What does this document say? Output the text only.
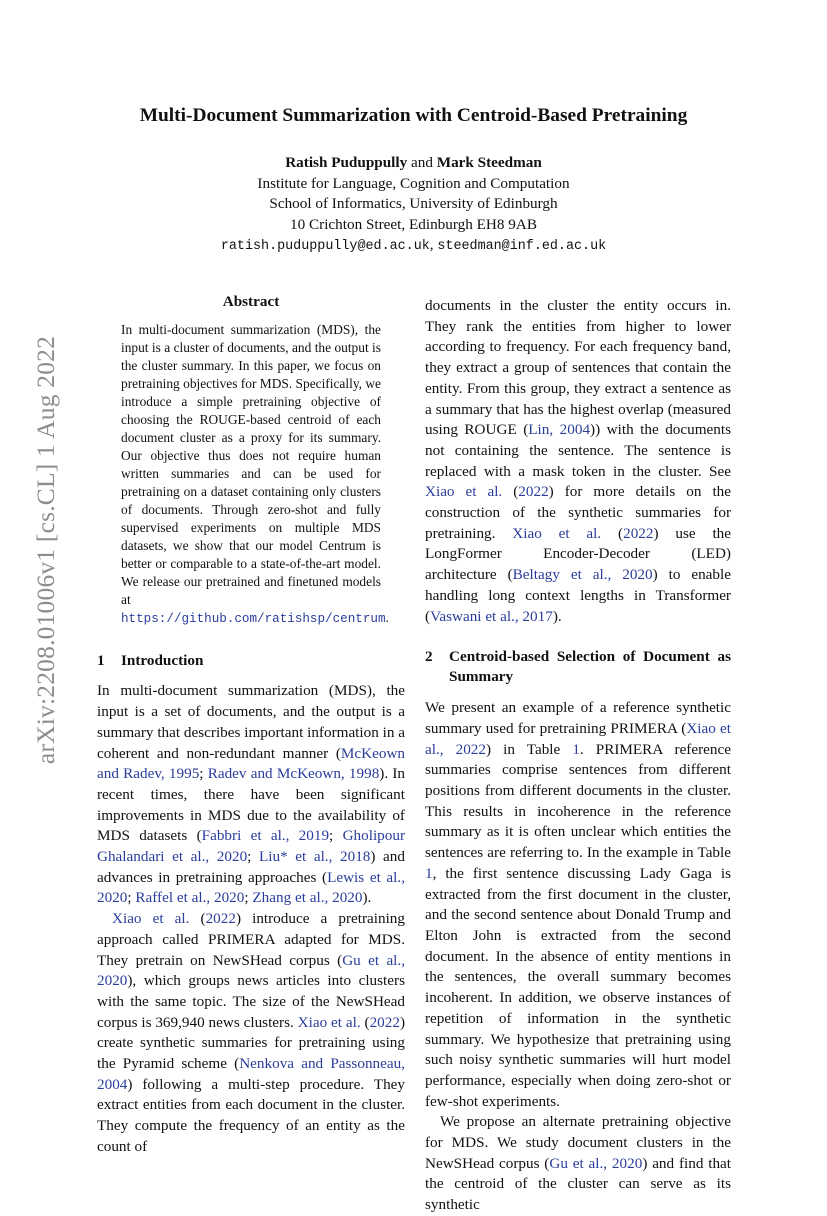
arXiv:2208.01006v1 [cs.CL] 1 Aug 2022
Multi-Document Summarization with Centroid-Based Pretraining
Ratish Puduppully and Mark Steedman
Institute for Language, Cognition and Computation
School of Informatics, University of Edinburgh
10 Crichton Street, Edinburgh EH8 9AB
ratish.puduppully@ed.ac.uk, steedman@inf.ed.ac.uk
Abstract
In multi-document summarization (MDS), the input is a cluster of documents, and the output is the cluster summary. In this paper, we focus on pretraining objectives for MDS. Specifically, we introduce a simple pretraining objective of choosing the ROUGE-based centroid of each document cluster as a proxy for its summary. Our objective thus does not require human written summaries and can be used for pretraining on a dataset containing only clusters of documents. Through zero-shot and fully supervised experiments on multiple MDS datasets, we show that our model Centrum is better or comparable to a state-of-the-art model. We release our pretrained and finetuned models at https://github.com/ratishsp/centrum.
1	Introduction

In multi-document summarization (MDS), the input is a set of documents, and the output is a summary that describes important information in a coherent and non-redundant manner (McKeown and Radev, 1995; Radev and McKeown, 1998). In recent times, there have been significant improvements in MDS due to the availability of MDS datasets (Fabbri et al., 2019; Gholipour Ghalandari et al., 2020; Liu* et al., 2018) and advances in pretraining approaches (Lewis et al., 2020; Raffel et al., 2020; Zhang et al., 2020).

Xiao et al. (2022) introduce a pretraining approach called PRIMERA adapted for MDS. They pretrain on NewSHead corpus (Gu et al., 2020), which groups news articles into clusters with the same topic. The size of the NewSHead corpus is 369,940 news clusters. Xiao et al. (2022) create synthetic summaries for pretraining using the Pyramid scheme (Nenkova and Passonneau, 2004) following a multi-step procedure. They extract entities from each document in the cluster. They compute the frequency of an entity as the count of

documents in the cluster the entity occurs in. They rank the entities from higher to lower according to frequency. For each frequency band, they extract a group of sentences that contain the entity. From this group, they extract a sentence as a summary that has the highest overlap (measured using ROUGE (Lin, 2004)) with the documents not containing the sentence. The sentence is replaced with a mask token in the cluster. See Xiao et al. (2022) for more details on the construction of the synthetic summaries for pretraining. Xiao et al. (2022) use the LongFormer Encoder-Decoder (LED) architecture (Beltagy et al., 2020) to enable handling long context lengths in Transformer (Vaswani et al., 2017).

2	Centroid-based Selection of Document as Summary

We present an example of a reference synthetic summary used for pretraining PRIMERA (Xiao et al., 2022) in Table 1. PRIMERA reference summaries comprise sentences from different positions from different documents in the cluster. This results in incoherence in the reference summary as it is often unclear which entities the sentences are referring to. In the example in Table 1, the first sentence discussing Lady Gaga is extracted from the first document in the cluster, and the second sentence about Donald Trump and Elton John is extracted from the second document. In the absence of entity mentions in the sentences, the overall summary becomes incoherent. In addition, we observe instances of repetition of information in the synthetic summary. We hypothesize that pretraining using such noisy synthetic summaries will hurt model performance, especially when doing zero-shot or few-shot experiments.

We propose an alternate pretraining objective for MDS. We study document clusters in the NewSHead corpus (Gu et al., 2020) and find that the centroid of the cluster can serve as its synthetic
